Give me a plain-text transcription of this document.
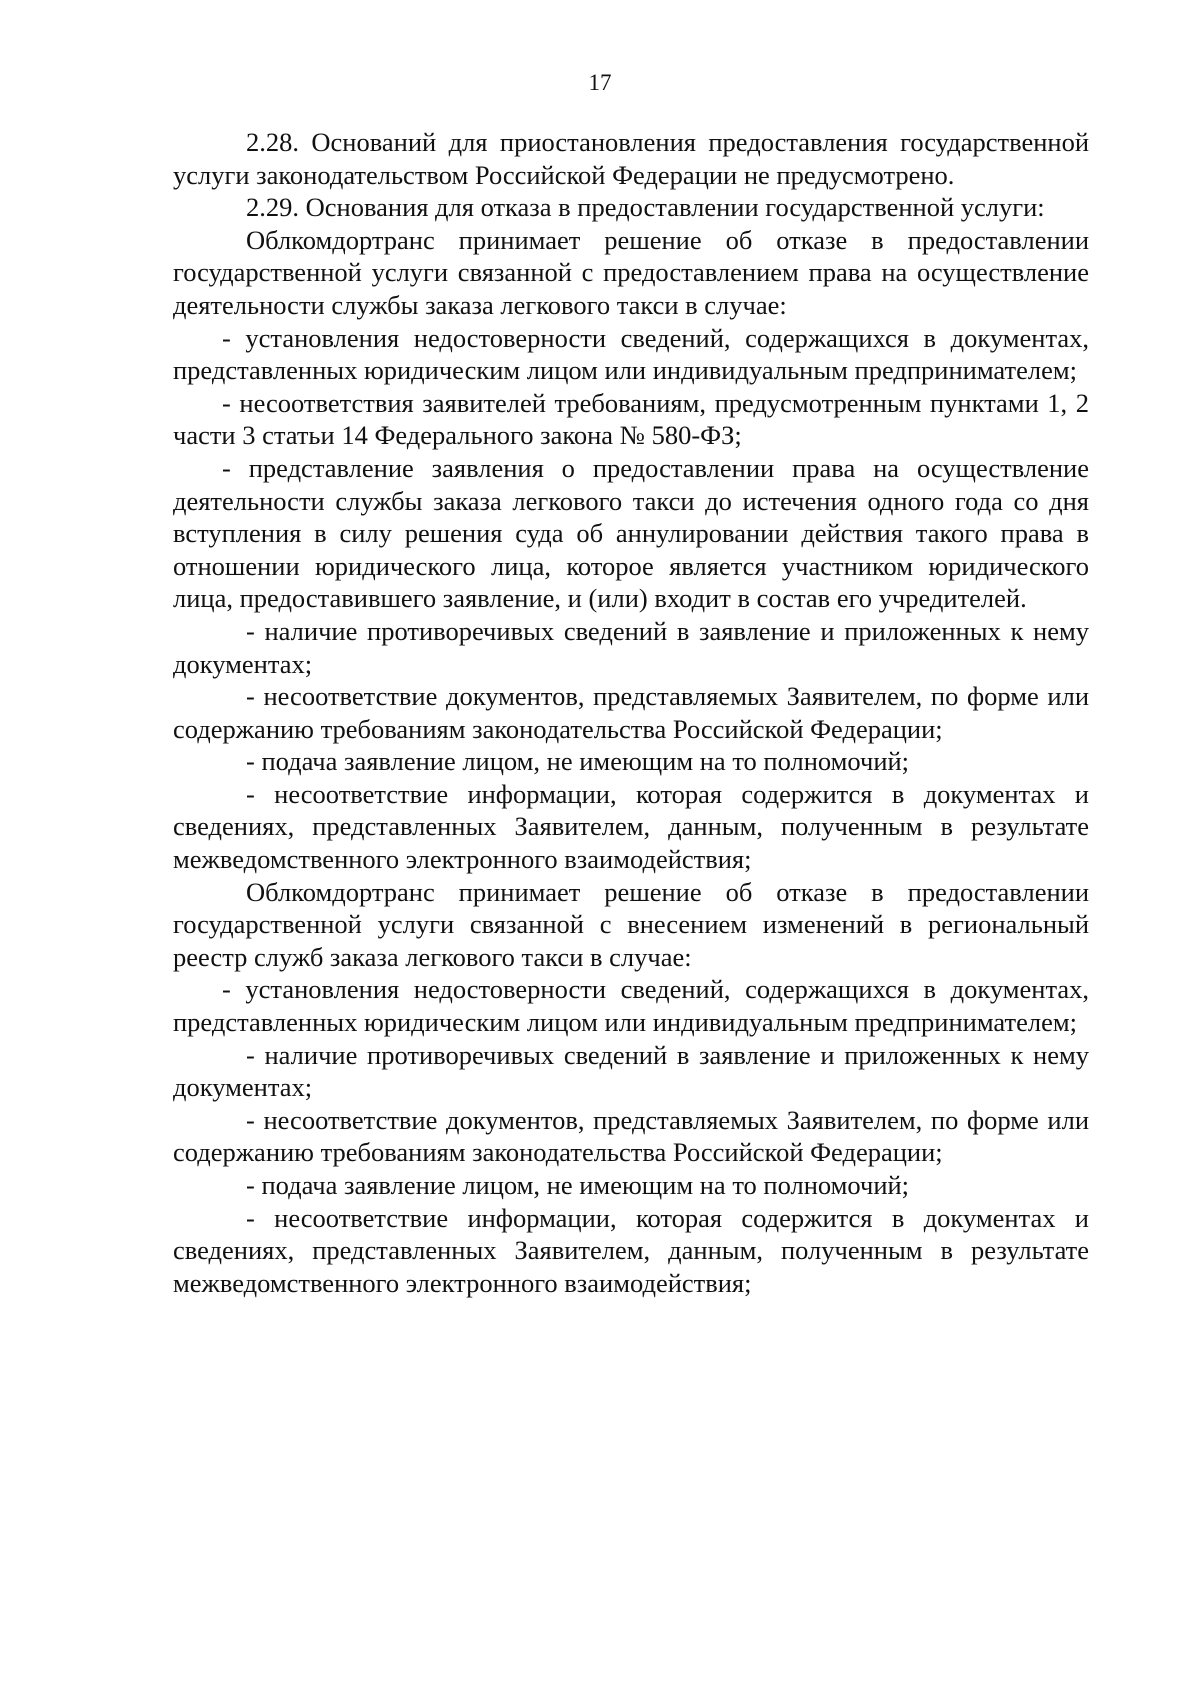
17

2.28. Оснований для приостановления предоставления государственной услуги законодательством Российской Федерации не предусмотрено.

2.29. Основания для отказа в предоставлении государственной услуги:

Облкомдортранс принимает решение об отказе в предоставлении государственной услуги связанной с предоставлением права на осуществление деятельности службы заказа легкового такси в случае:

- установления недостоверности сведений, содержащихся в документах, представленных юридическим лицом или индивидуальным предпринимателем;

- несоответствия заявителей требованиям, предусмотренным пунктами 1, 2 части 3 статьи 14 Федерального закона № 580-ФЗ;

- представление заявления о предоставлении права на осуществление деятельности службы заказа легкового такси до истечения одного года со дня вступления в силу решения суда об аннулировании действия такого права в отношении юридического лица, которое является участником юридического лица, предоставившего заявление, и (или) входит в состав его учредителей.

- наличие противоречивых сведений в заявление и приложенных к нему документах;

- несоответствие документов, представляемых Заявителем, по форме или содержанию требованиям законодательства Российской Федерации;

- подача заявление лицом, не имеющим на то полномочий;

- несоответствие информации, которая содержится в документах и сведениях, представленных Заявителем, данным, полученным в результате межведомственного электронного взаимодействия;

Облкомдортранс принимает решение об отказе в предоставлении государственной услуги связанной с внесением изменений в региональный реестр служб заказа легкового такси в случае:

- установления недостоверности сведений, содержащихся в документах, представленных юридическим лицом или индивидуальным предпринимателем;

- наличие противоречивых сведений в заявление и приложенных к нему документах;

- несоответствие документов, представляемых Заявителем, по форме или содержанию требованиям законодательства Российской Федерации;

- подача заявление лицом, не имеющим на то полномочий;

- несоответствие информации, которая содержится в документах и сведениях, представленных Заявителем, данным, полученным в результате межведомственного электронного взаимодействия;
